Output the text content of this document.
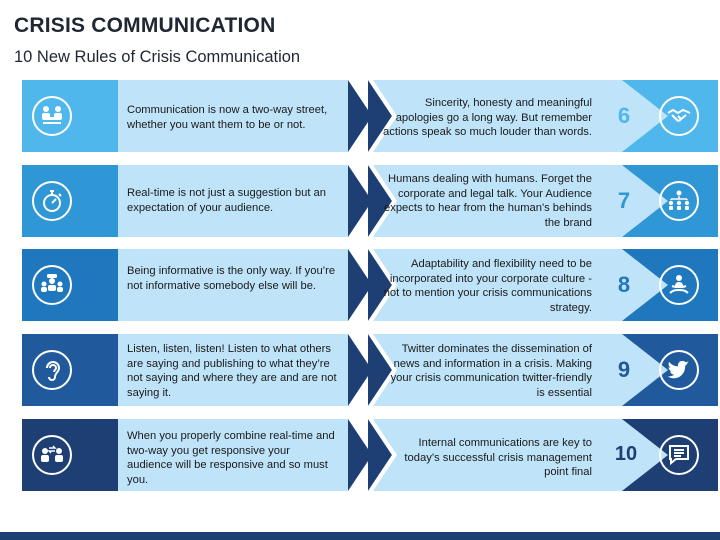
CRISIS COMMUNICATION
10 New Rules of Crisis Communication
1	Communication is now a two-way street, whether you want them to be or not.
2	Real-time is not just a suggestion but an expectation of your audience.
3
Being informative is the only way. If you’re not informative somebody else will be.
4
Listen, listen, listen! Listen to what others are saying and publishing to what they’re not saying and where they are and are not saying it.
5
When you properly combine real-time and two-way you get responsive your audience will be responsive and so must you.
6
Sincerity, honesty and meaningful apologies go a long way. But remember actions speak so much louder than words.
7
Humans dealing with humans. Forget the corporate and legal talk. Your Audience expects to hear from the human's behinds the brand
8
Adaptability and flexibility need to be incorporated into your corporate culture - not to mention your crisis communications strategy.
9
Twitter dominates the dissemination of news and information in a crisis. Making your crisis communication twitter-friendly is essential
10
Internal communications are key to today’s successful crisis management point final
